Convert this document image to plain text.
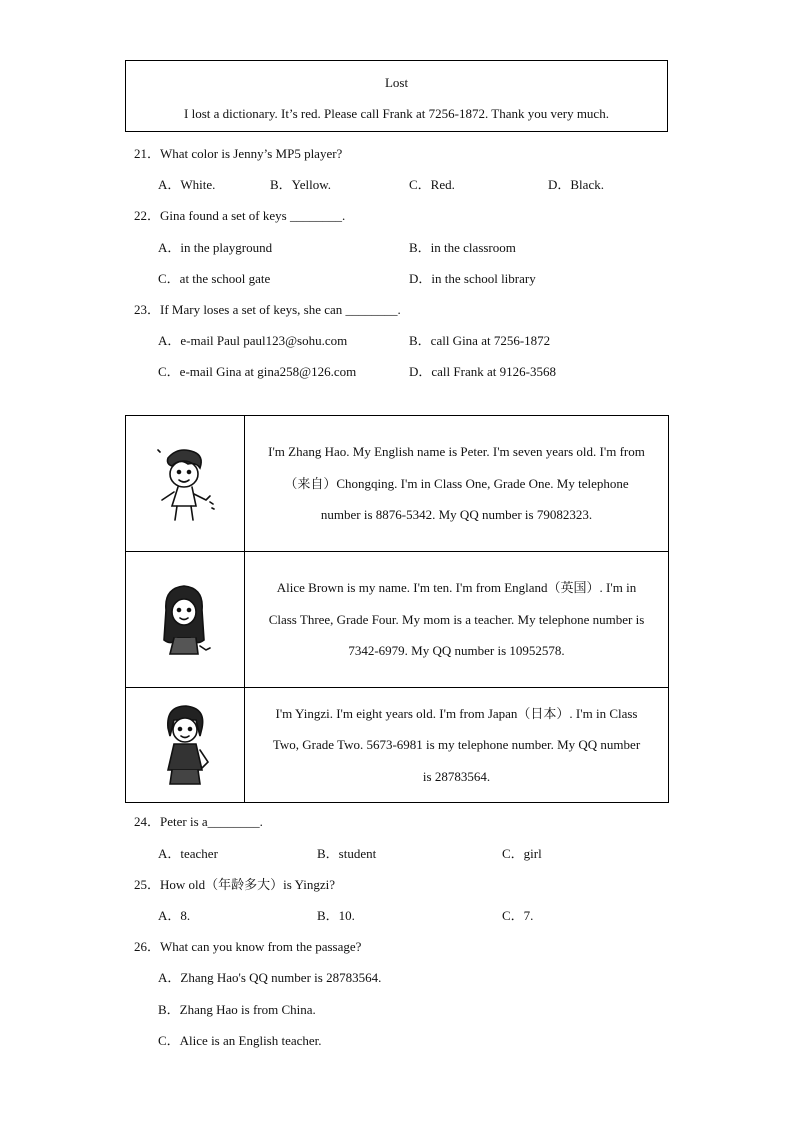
Lost
I lost a dictionary. It’s red. Please call Frank at 7256-1872. Thank you very much.
21．What color is Jenny’s MP5 player?
A．White.	B．Yellow.	C．Red.	D．Black.
22．Gina found a set of keys ________.
A．in the playground	B．in the classroom
C．at the school gate	D．in the school library
23．If Mary loses a set of keys, she can ________.
A．e-mail Paul paul123@sohu.com	B．call Gina at 7256-1872
C．e-mail Gina at gina258@126.com	D．call Frank at 9126-3568

I'm Zhang Hao. My English name is Peter. I'm seven years old. I'm from
（来自）Chongqing. I'm in Class One, Grade One. My telephone
number is 8876-5342. My QQ number is 79082323.

Alice Brown is my name. I'm ten. I'm from England（英国）. I'm in
Class Three, Grade Four. My mom is a teacher. My telephone number is
7342-6979. My QQ number is 10952578.

I'm Yingzi. I'm eight years old. I'm from Japan（日本）. I'm in Class
Two, Grade Two. 5673-6981 is my telephone number. My QQ number
is 28783564.
24．Peter is a________.
A．teacher	B．student	C．girl
25．How old（年龄多大）is Yingzi?
A．8.	B．10.	C．7.
26．What can you know from the passage?
A．Zhang Hao's QQ number is 28783564.
B．Zhang Hao is from China.
C．Alice is an English teacher.
